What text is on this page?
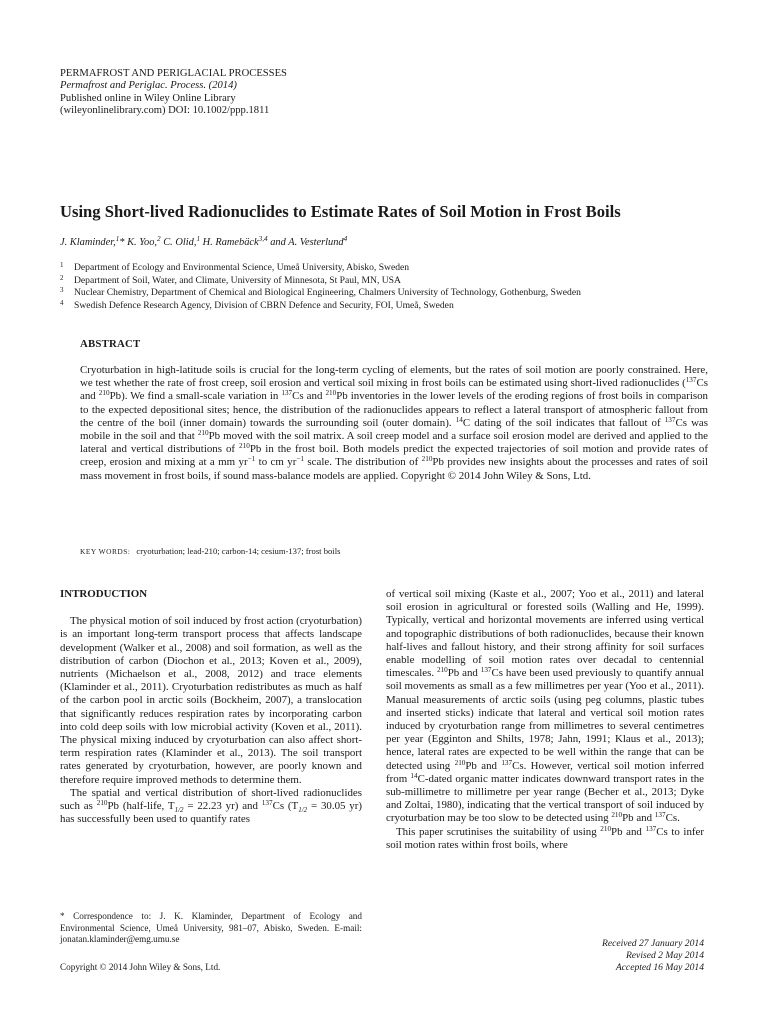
PERMAFROST AND PERIGLACIAL PROCESSES
Permafrost and Periglac. Process. (2014)
Published online in Wiley Online Library
(wileyonlinelibrary.com) DOI: 10.1002/ppp.1811
Using Short-lived Radionuclides to Estimate Rates of Soil Motion in Frost Boils
J. Klaminder,$^1$* K. Yoo,$^2$ C. Olid,$^1$ H. Ramebäck$^{3,4}$ and A. Vesterlund$^4$
1 Department of Ecology and Environmental Science, Umeå University, Abisko, Sweden
2 Department of Soil, Water, and Climate, University of Minnesota, St Paul, MN, USA
3 Nuclear Chemistry, Department of Chemical and Biological Engineering, Chalmers University of Technology, Gothenburg, Sweden
4 Swedish Defence Research Agency, Division of CBRN Defence and Security, FOI, Umeå, Sweden
ABSTRACT

Cryoturbation in high-latitude soils is crucial for the long-term cycling of elements, but the rates of soil motion are poorly constrained. Here, we test whether the rate of frost creep, soil erosion and vertical soil mixing in frost boils can be estimated using short-lived radionuclides ($^{137}$Cs and $^{210}$Pb). We find a small-scale variation in $^{137}$Cs and $^{210}$Pb inventories in the lower levels of the eroding regions of frost boils in comparison to the expected depositional sites; hence, the distribution of the radionuclides appears to reflect a lateral transport of atmospheric fallout from the centre of the boil (inner domain) towards the surrounding soil (outer domain). $^{14}$C dating of the soil indicates that fallout of $^{137}$Cs was mobile in the soil and that $^{210}$Pb moved with the soil matrix. A soil creep model and a surface soil erosion model are derived and applied to the lateral and vertical distributions of $^{210}$Pb in the frost boil. Both models predict the expected trajectories of soil motion and provide rates of creep, erosion and mixing at a mm $yr^{-1}$ to cm $yr^{-1}$ scale. The distribution of $^{210}$Pb provides new insights about the processes and rates of soil mass movement in frost boils, if sound mass-balance models are applied. Copyright © 2014 John Wiley & Sons, Ltd.

KEY WORDS: cryoturbation; lead-210; carbon-14; cesium-137; frost boils
INTRODUCTION

The physical motion of soil induced by frost action (cryoturbation) is an important long-term transport process that affects landscape development (Walker et al., 2008) and soil formation, as well as the distribution of carbon (Diochon et al., 2013; Koven et al., 2009), nutrients (Michaelson et al., 2008, 2012) and trace elements (Klaminder et al., 2011). Cryoturbation redistributes as much as half of the carbon pool in arctic soils (Bockheim, 2007), a translocation that significantly reduces respiration rates by incorporating carbon into cold deep soils with low microbial activity (Koven et al., 2011). The physical mixing induced by cryoturbation can also affect short-term respiration rates (Klaminder et al., 2013). The soil transport rates generated by cryoturbation, however, are poorly known and therefore require improved methods to determine them.

The spatial and vertical distribution of short-lived radionuclides such as $^{210}$Pb (half-life, $T_{1/2} = 22.23$ yr) and $^{137}$Cs ($T_{1/2} = 30.05$ yr) has successfully been used to quantify rates

of vertical soil mixing (Kaste et al., 2007; Yoo et al., 2011) and lateral soil erosion in agricultural or forested soils (Walling and He, 1999). Typically, vertical and horizontal movements are inferred using vertical and topographic distributions of both radionuclides, because their known half-lives and fallout history, and their strong affinity for soil surfaces enable modelling of soil motion rates over decadal to centennial timescales. $^{210}$Pb and $^{137}$Cs have been used previously to quantify annual soil movements as small as a few millimetres per year (Yoo et al., 2011). Manual measurements of arctic soils (using peg columns, plastic tubes and inserted sticks) indicate that lateral and vertical soil motion rates induced by cryoturbation range from millimetres to several centimetres per year (Egginton and Shilts, 1978; Jahn, 1991; Klaus et al., 2013); hence, lateral rates are expected to be well within the range that can be detected using $^{210}$Pb and $^{137}$Cs. However, vertical soil motion inferred from $^{14}$C-dated organic matter indicates downward transport rates in the sub-millimetre to millimetre per year range (Becher et al., 2013; Dyke and Zoltai, 1980), indicating that the vertical transport of soil induced by cryoturbation may be too slow to be detected using $^{210}$Pb and $^{137}$Cs.

This paper scrutinises the suitability of using $^{210}$Pb and $^{137}$Cs to infer soil motion rates within frost boils, where

* Correspondence to: J. K. Klaminder, Department of Ecology and Environmental Science, Umeå University, 981–07, Abisko, Sweden. E-mail: jonatan.klaminder@emg.umu.se
Copyright © 2014 John Wiley & Sons, Ltd.
Received 27 January 2014
Revised 2 May 2014
Accepted 16 May 2014
